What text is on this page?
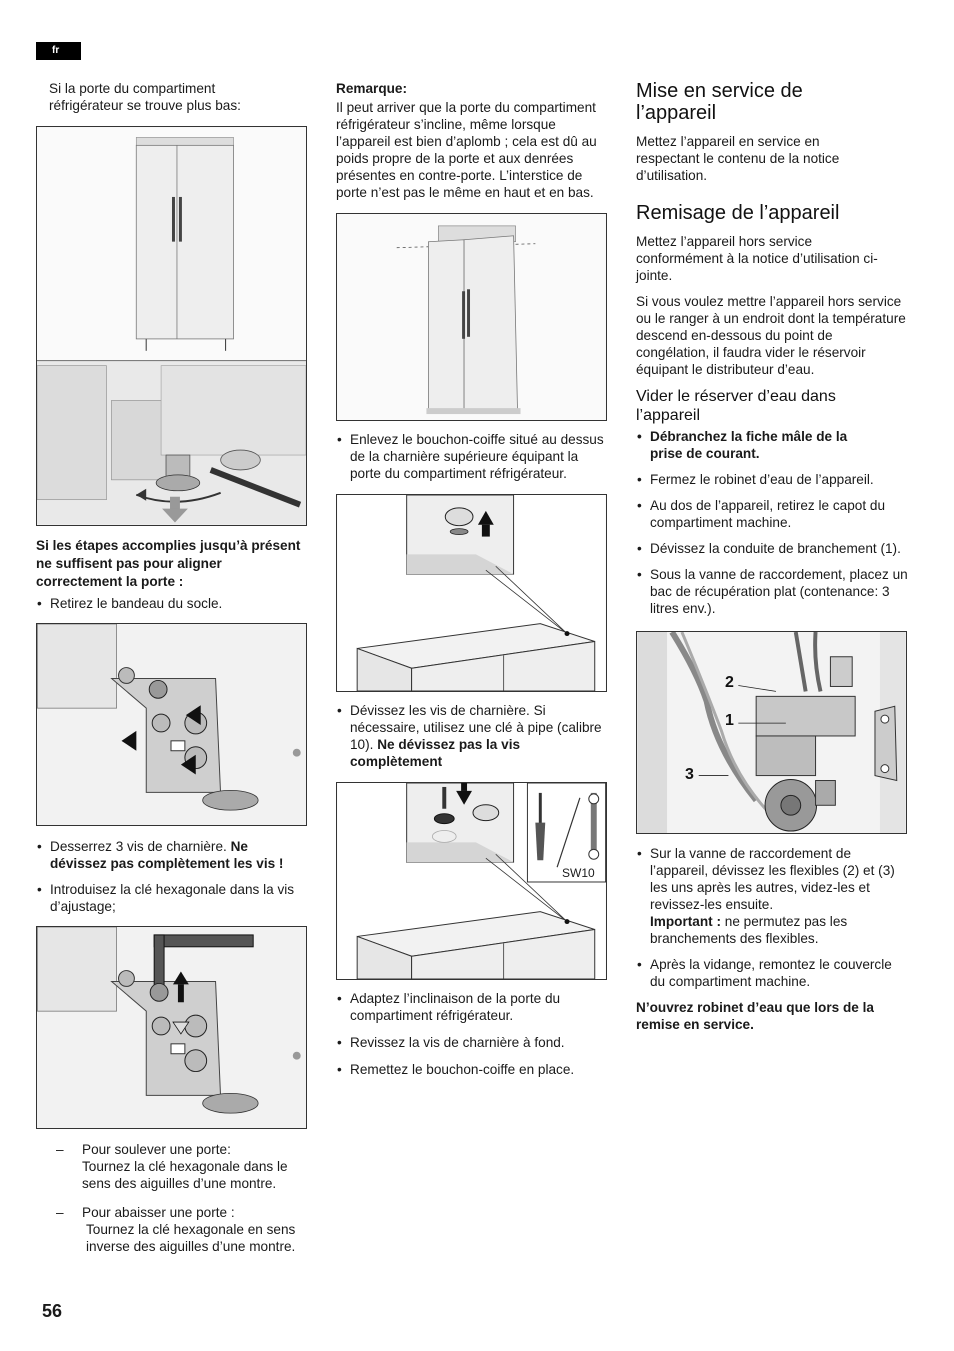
fr

Si la porte du compartiment réfrigérateur se trouve plus bas:

Si les étapes accomplies jusqu’à présent ne suffisent pas pour aligner correctement la porte :

• Retirez le bandeau du socle.
• Desserrez 3 vis de charnière. Ne dévissez pas complètement les vis !
• Introduisez la clé hexagonale dans la vis d’ajustage;

– Pour soulever une porte:

Tournez la clé hexagonale dans le sens des aiguilles d’une montre.

– Pour abaisser une porte :

Tournez la clé hexagonale en sens inverse des aiguilles d’une montre.

Remarque:

Il peut arriver que la porte du compartiment réfrigérateur s’incline, même lorsque l’appareil est bien d’aplomb ; cela est dû au poids propre de la porte et aux denrées présentes en contre-porte. L’interstice de porte n’est pas le même en haut et en bas.

• Enlevez le bouchon-coiffe situé au dessus de la charnière supérieure équipant la porte du compartiment réfrigérateur.
• Dévissez les vis de charnière. Si nécessaire, utilisez une clé à pipe (calibre 10). Ne dévissez pas la vis complètement
SW10
• Adaptez l’inclinaison de la porte du compartiment réfrigérateur.
• Revissez la vis de charnière à fond.
• Remettez le bouchon-coiffe en place.
Mise en service de l’appareil

Mettez l’appareil en service en respectant le contenu de la notice d’utilisation.

Remisage de l’appareil

Mettez l’appareil hors service conformément à la notice d’utilisation ci-jointe.

Si vous voulez mettre l’appareil hors service ou le ranger à un endroit dont la température descend en-dessous du point de congélation, il faudra vider le réservoir équipant le distributeur d’eau.

Vider le réserver d’eau dans l’appareil
• Débranchez la fiche mâle de la prise de courant.
• Fermez le robinet d’eau de l’appareil.
• Au dos de l’appareil, retirez le capot du compartiment machine.
• Dévissez la conduite de branchement (1).
• Sous la vanne de raccordement, placez un bac de récupération plat (contenance: 3 litres env.).
2
1
3
• Sur la vanne de raccordement de l’appareil, dévissez les flexibles (2) et (3) les uns après les autres, videz-les et revissez-les ensuite.
Important : ne permutez pas les branchements des flexibles.
• Après la vidange, remontez le couvercle du compartiment machine.

N’ouvrez robinet d’eau que lors de la remise en service.

56
